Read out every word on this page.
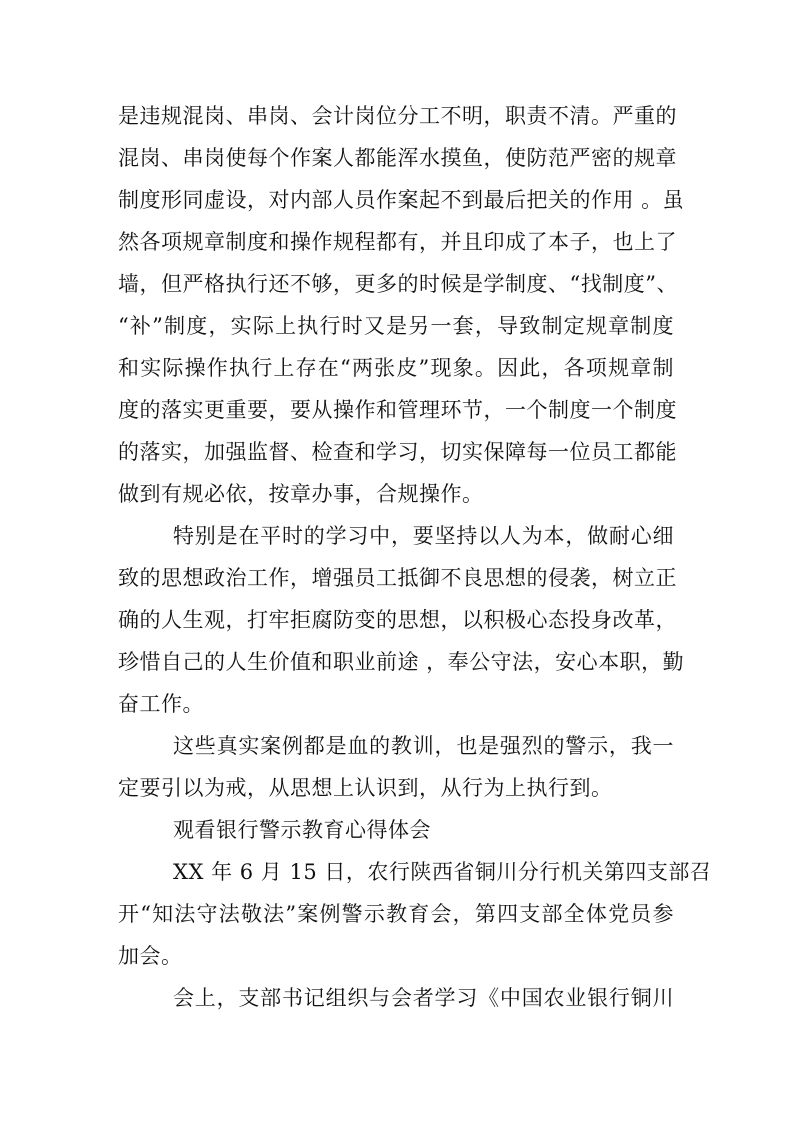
是违规混岗、串岗、会计岗位分工不明，职责不清。严重的
混岗、串岗使每个作案人都能浑水摸鱼，使防范严密的规章
制度形同虚设，对内部人员作案起不到最后把关的作用 。虽
然各项规章制度和操作规程都有，并且印成了本子，也上了
墙，但严格执行还不够，更多的时候是学制度、“找制度”、
“补”制度，实际上执行时又是另一套，导致制定规章制度
和实际操作执行上存在“两张皮”现象。因此，各项规章制
度的落实更重要，要从操作和管理环节，一个制度一个制度
的落实，加强监督、检查和学习，切实保障每一位员工都能
做到有规必依，按章办事，合规操作。
特别是在平时的学习中，要坚持以人为本，做耐心细
致的思想政治工作，增强员工抵御不良思想的侵袭，树立正
确的人生观，打牢拒腐防变的思想，以积极心态投身改革，
珍惜自己的人生价值和职业前途 ，奉公守法，安心本职，勤
奋工作。
这些真实案例都是血的教训，也是强烈的警示，我一
定要引以为戒，从思想上认识到，从行为上执行到。
观看银行警示教育心得体会
XX 年 6 月 15 日，农行陕西省铜川分行机关第四支部召
开“知法守法敬法”案例警示教育会，第四支部全体党员参
加会。
会上，支部书记组织与会者学习《中国农业银行铜川
